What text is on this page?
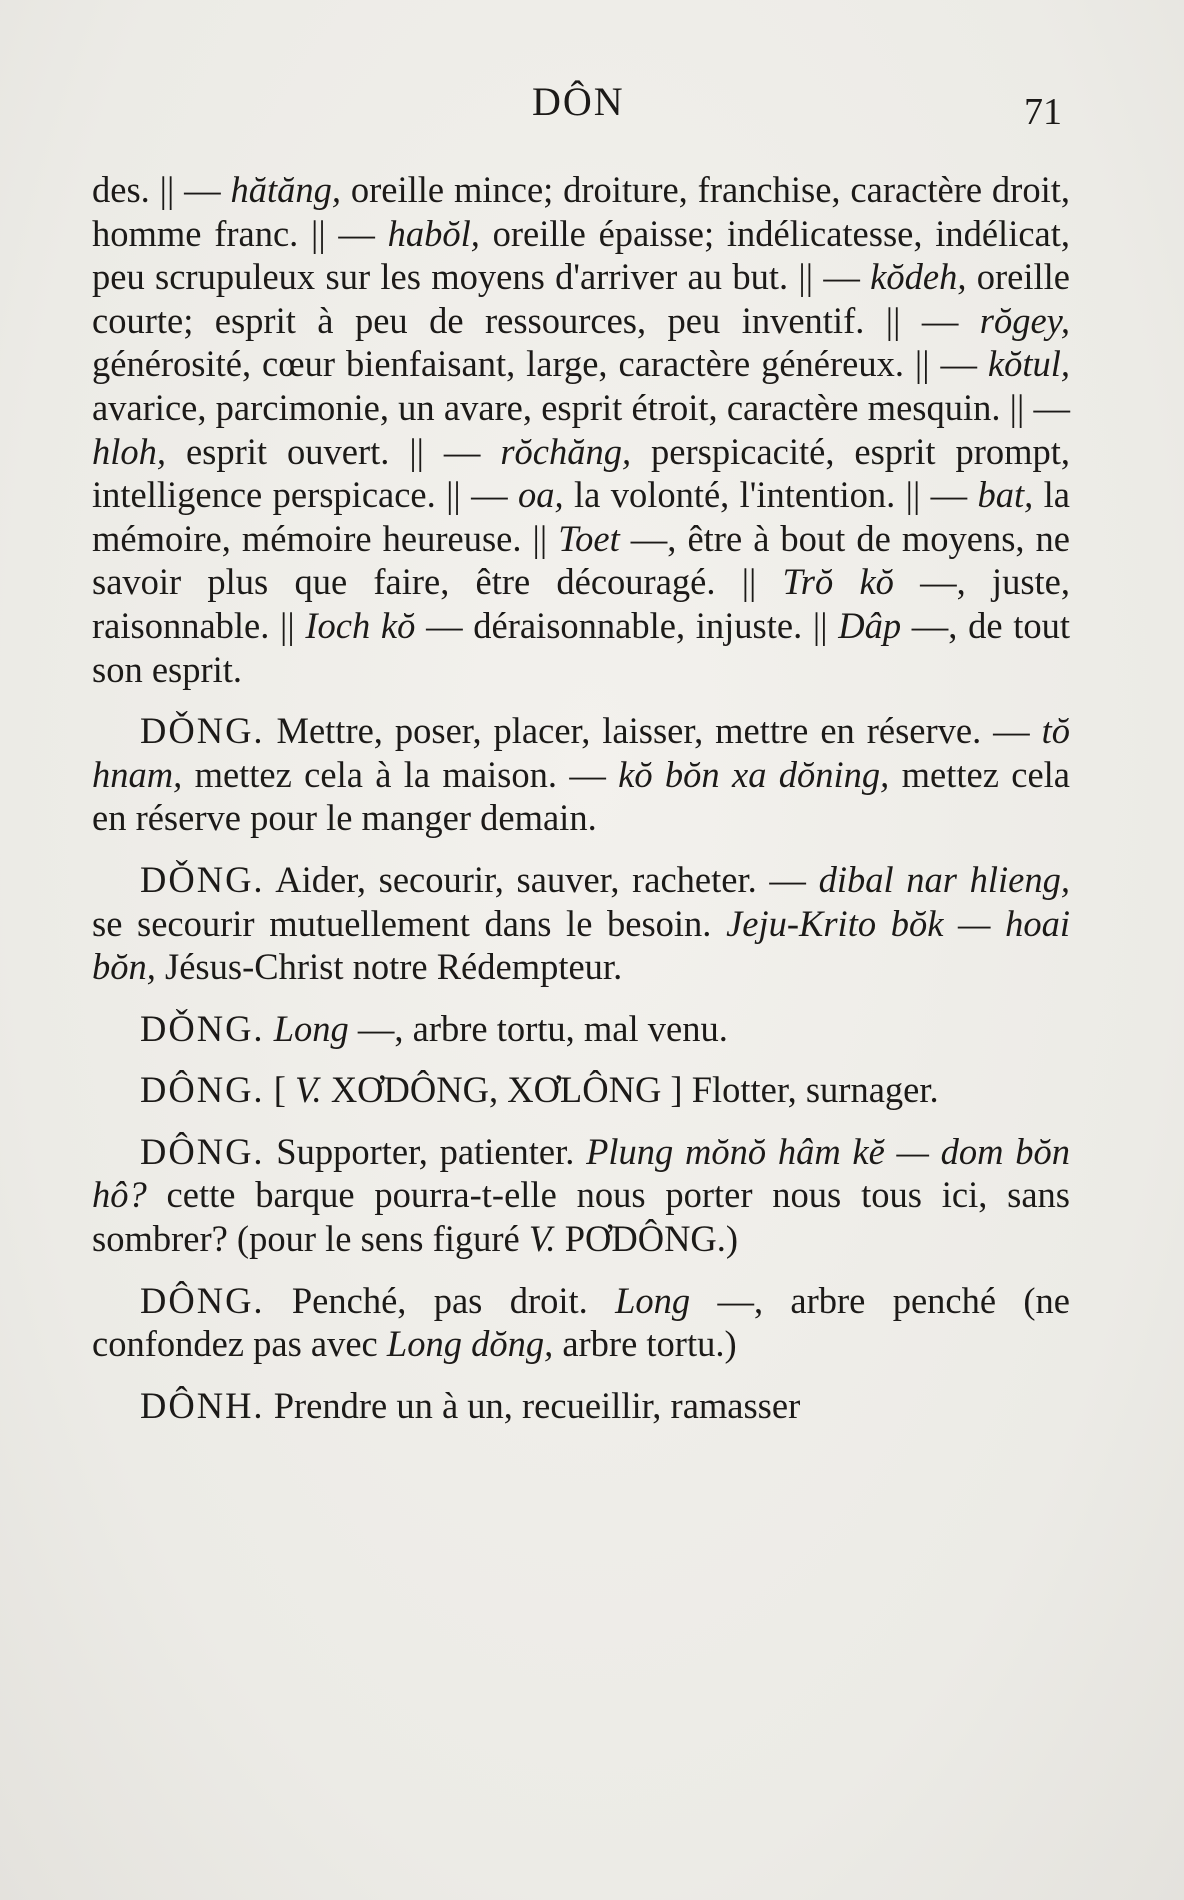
DÔN	71

des. || — hătăng, oreille mince; droiture, franchise, caractère droit, homme franc. || — habŏl, oreille épaisse; indélicatesse, indélicat, peu scrupuleux sur les moyens d'arriver au but. || — kŏdeh, oreille courte; esprit à peu de ressources, peu inventif. || — rŏgey, générosité, cœur bienfaisant, large, caractère généreux. || — kŏtul, avarice, parcimonie, un avare, esprit étroit, caractère mesquin. || — hloh, esprit ouvert. || — rŏchăng, perspicacité, esprit prompt, intelligence perspicace. || — oa, la volonté, l'intention. || — bat, la mémoire, mémoire heureuse. || Toet —, être à bout de moyens, ne savoir plus que faire, être découragé. || Trŏ kŏ —, juste, raisonnable. || Ioch kŏ — déraisonnable, injuste. || Dâp —, de tout son esprit.

DǑNG. Mettre, poser, placer, laisser, mettre en réserve. — tŏ hnam, mettez cela à la maison. — kŏ bŏn xa dŏning, mettez cela en réserve pour le manger demain.

DǑNG. Aider, secourir, sauver, racheter. — dibal nar hlieng, se secourir mutuellement dans le besoin. Jeju-Krito bŏk — hoai bŏn, Jésus-Christ notre Rédempteur.

DǑNG. Long —, arbre tortu, mal venu.

DÔNG. [ V. XƠDÔNG, XƠLÔNG ] Flotter, surnager.

DÔNG. Supporter, patienter. Plung mŏnŏ hâm kĕ — dom bŏn hô? cette barque pourra-t-elle nous porter nous tous ici, sans sombrer? (pour le sens figuré V. PƠDÔNG.)

DÔNG. Penché, pas droit. Long —, arbre penché (ne confondez pas avec Long dŏng, arbre tortu.)

DÔNH. Prendre un à un, recueillir, ramasser
